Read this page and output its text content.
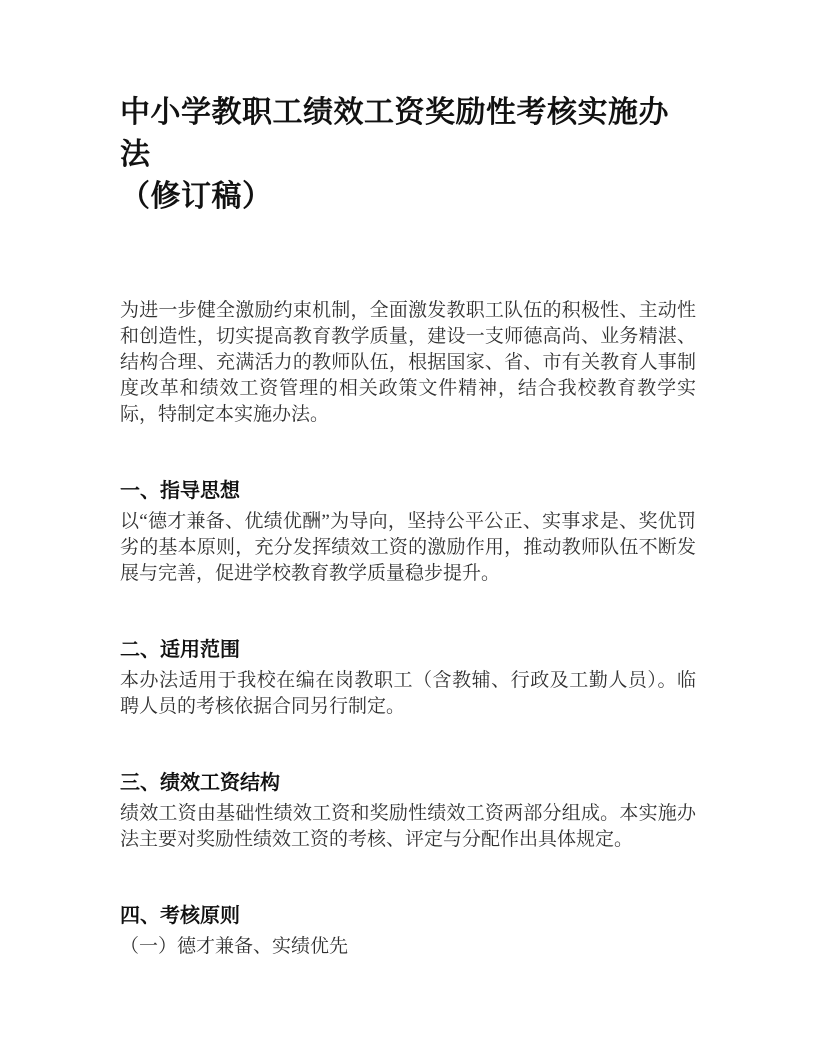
中小学教职工绩效工资奖励性考核实施办法
（修订稿）

为进一步健全激励约束机制，全面激发教职工队伍的积极性、主动性和创造性，切实提高教育教学质量，建设一支师德高尚、业务精湛、结构合理、充满活力的教师队伍，根据国家、省、市有关教育人事制度改革和绩效工资管理的相关政策文件精神，结合我校教育教学实际，特制定本实施办法。

一、指导思想

以“德才兼备、优绩优酬”为导向，坚持公平公正、实事求是、奖优罚劣的基本原则，充分发挥绩效工资的激励作用，推动教师队伍不断发展与完善，促进学校教育教学质量稳步提升。

二、适用范围

本办法适用于我校在编在岗教职工（含教辅、行政及工勤人员）。临聘人员的考核依据合同另行制定。

三、绩效工资结构

绩效工资由基础性绩效工资和奖励性绩效工资两部分组成。本实施办法主要对奖励性绩效工资的考核、评定与分配作出具体规定。

四、考核原则

（一）德才兼备、实绩优先
